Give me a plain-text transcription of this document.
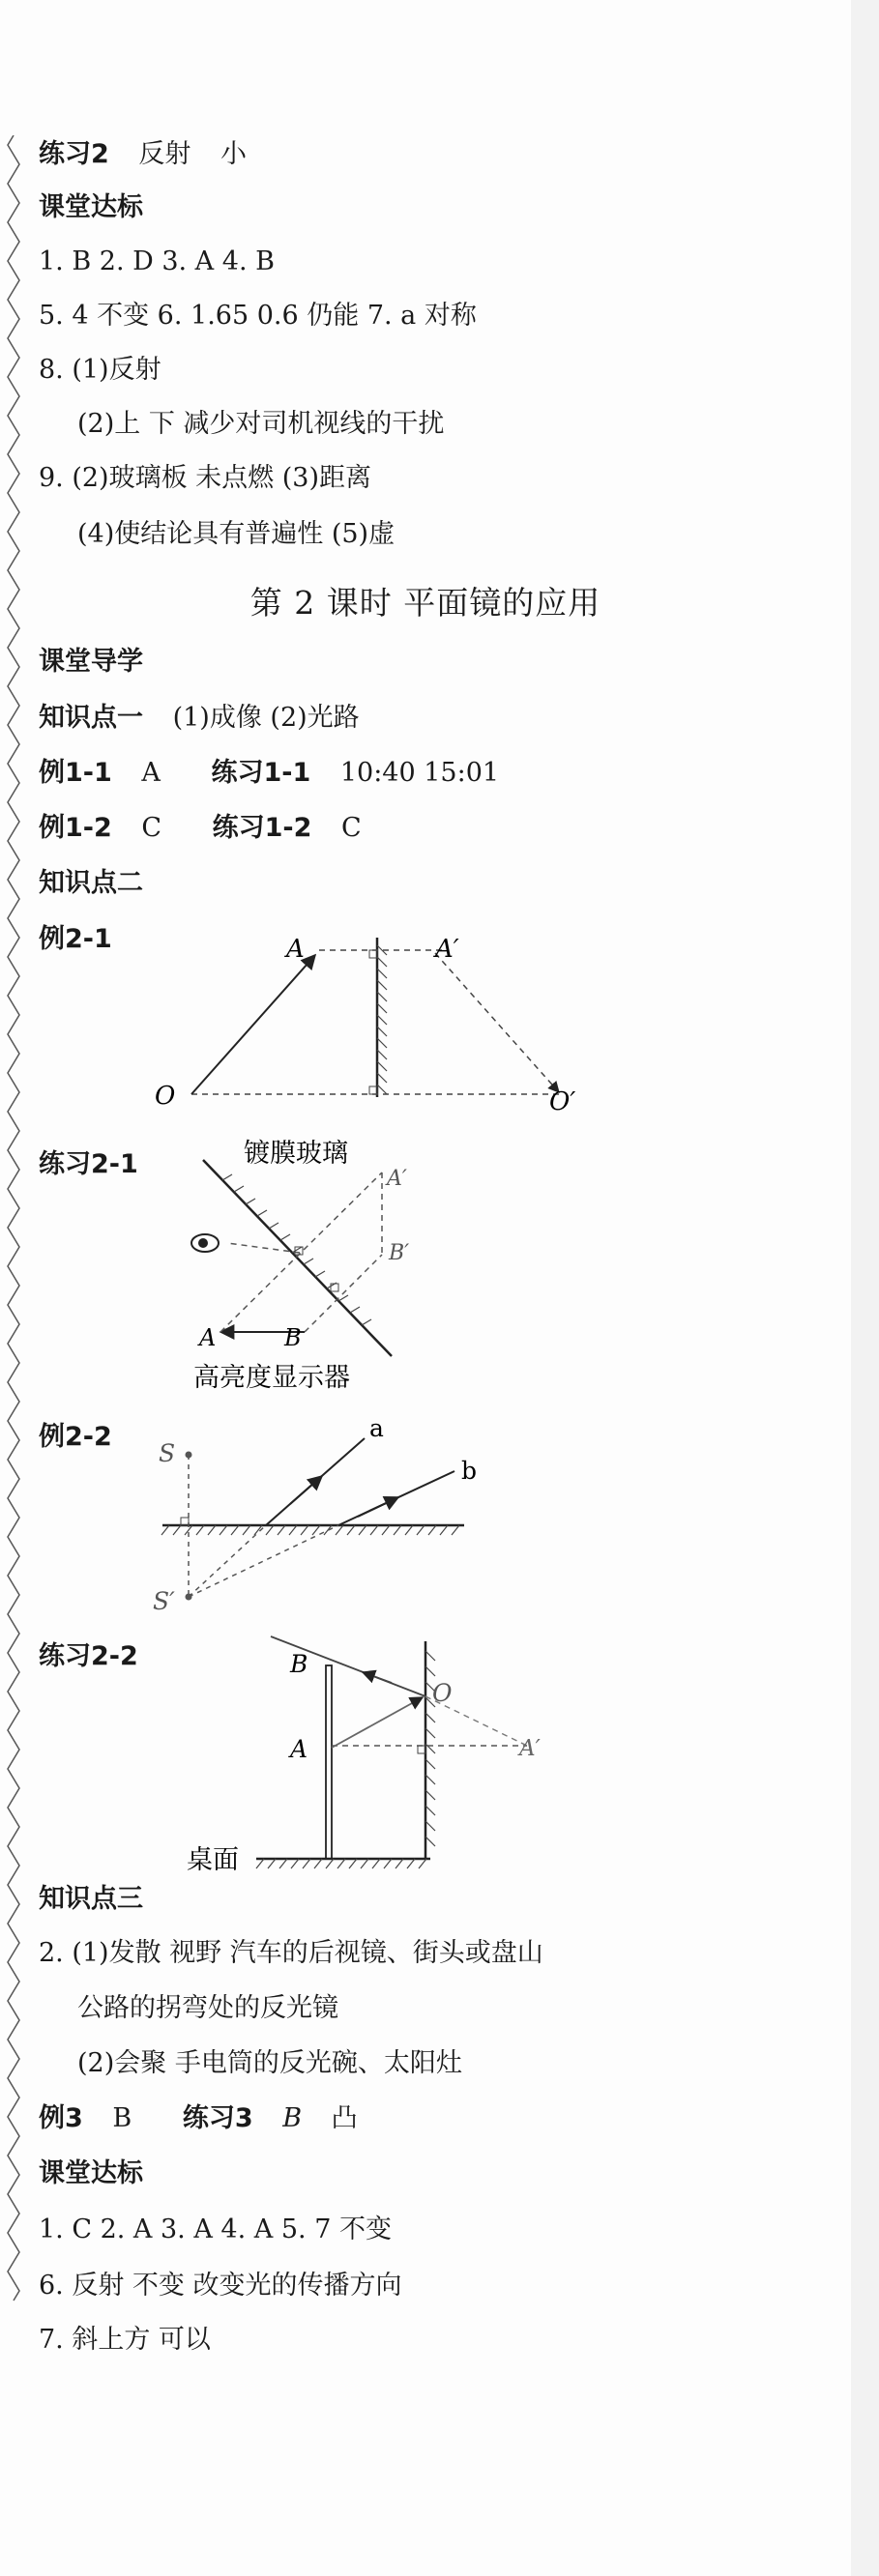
练习2 反射 小
课堂达标
1. B 2. D 3. A 4. B
5. 4 不变 6. 1.65 0.6 仍能 7. a 对称
8. (1)反射
(2)上 下 减少对司机视线的干扰
9. (2)玻璃板 未点燃 (3)距离
(4)使结论具有普遍性 (5)虚
第 2 课时 平面镜的应用
课堂导学
知识点一 (1)成像 (2)光路
例1-1 A 练习1-1 10:40 15:01
例1-2 C 练习1-2 C
知识点二
例2-1	A	A′
O	O′
练习2-1	镀膜玻璃
A′
B′
A	B
高亮度显示器
例2-2
S
S′
a
b
练习2-2	B
A
O
A′
桌面
知识点三
2. (1)发散 视野 汽车的后视镜、街头或盘山
公路的拐弯处的反光镜
(2)会聚 手电筒的反光碗、太阳灶
例3 B 练习3 B 凸
课堂达标
1. C 2. A 3. A 4. A 5. 7 不变
6. 反射 不变 改变光的传播方向
7. 斜上方 可以
